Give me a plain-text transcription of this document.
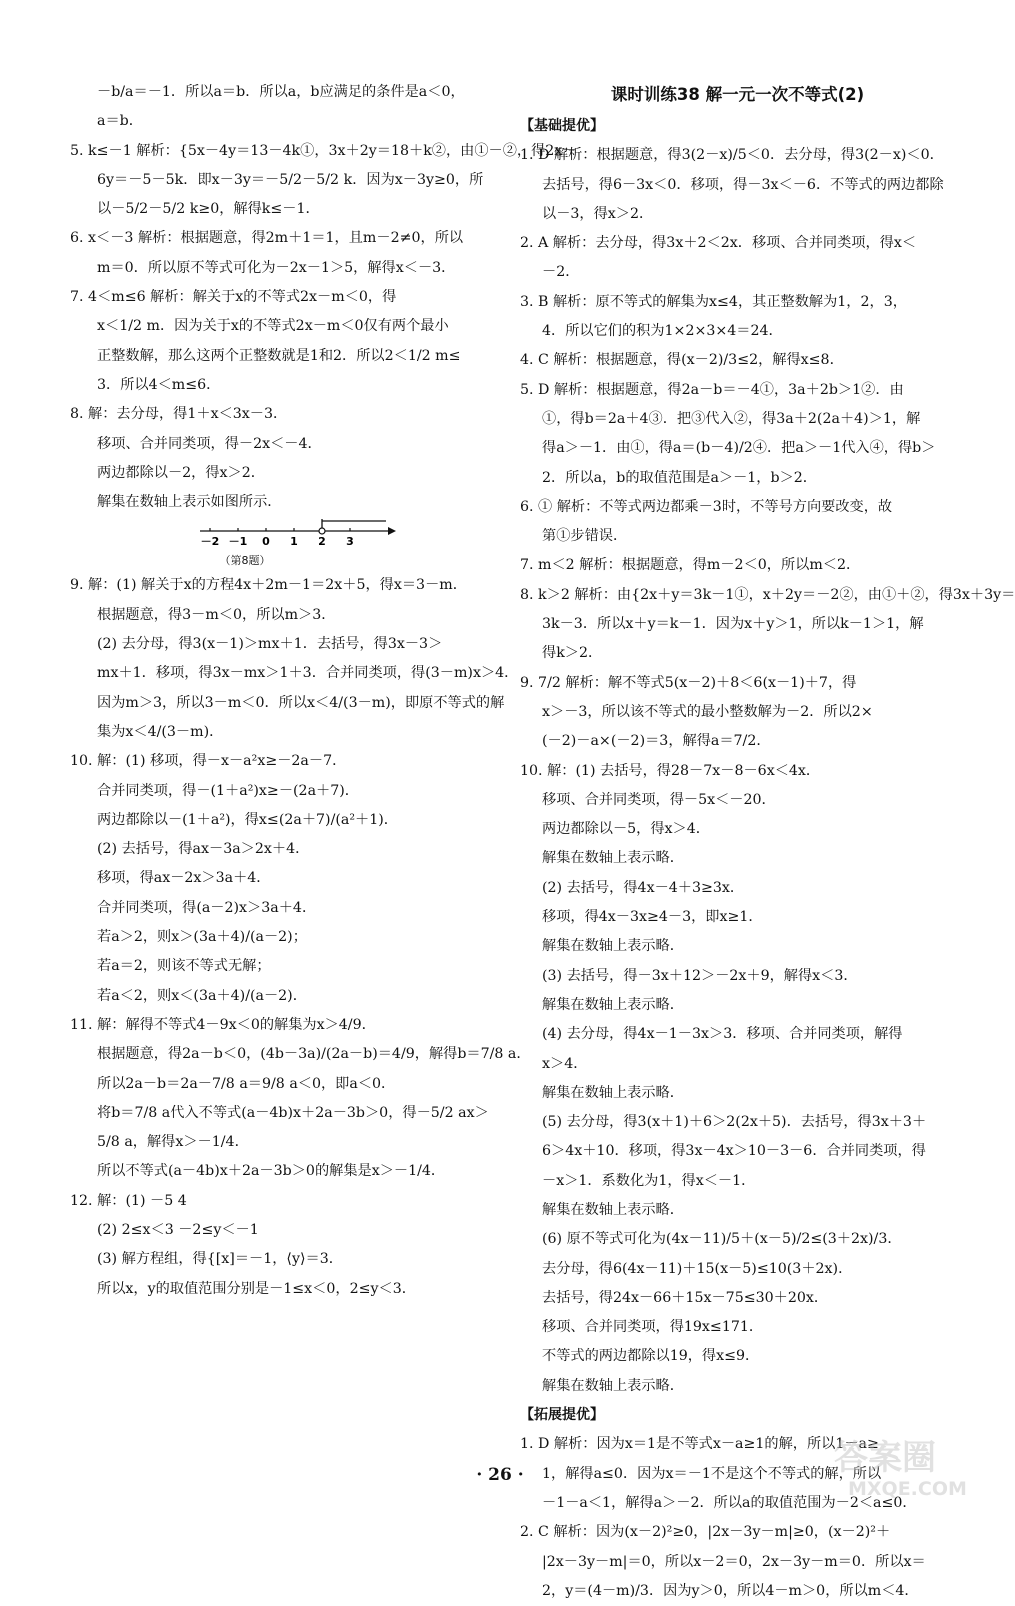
－b/a＝－1．所以a＝b．所以a，b应满足的条件是a＜0，
a＝b．
5. k≤－1 解析：{5x－4y＝13－4k①，3x＋2y＝18＋k②，由①－②，得2x－
6y＝－5－5k．即x－3y＝－5/2－5/2 k．因为x－3y≥0，所
以－5/2－5/2 k≥0，解得k≤－1．
6. x＜－3 解析：根据题意，得2m＋1＝1，且m－2≠0，所以
m＝0．所以原不等式可化为－2x－1＞5，解得x＜－3．
7. 4＜m≤6 解析：解关于x的不等式2x－m＜0，得
x＜1/2 m．因为关于x的不等式2x－m＜0仅有两个最小
正整数解，那么这两个正整数就是1和2．所以2＜1/2 m≤
3．所以4＜m≤6．
8. 解：去分母，得1＋x＜3x－3．
移项、合并同类项，得－2x＜－4．
两边都除以－2，得x＞2．
解集在数轴上表示如图所示．
－2 －1 0 1 2 3
（第8题）
9. 解：(1) 解关于x的方程4x＋2m－1＝2x＋5，得x＝3－m．
根据题意，得3－m＜0，所以m＞3．
(2) 去分母，得3(x－1)＞mx＋1．去括号，得3x－3＞
mx＋1．移项，得3x－mx＞1＋3．合并同类项，得(3－m)x＞4．
因为m＞3，所以3－m＜0．所以x＜4/(3－m)，即原不等式的解
集为x＜4/(3－m)．
10. 解：(1) 移项，得－x－a²x≥－2a－7．
合并同类项，得－(1＋a²)x≥－(2a＋7)．
两边都除以－(1＋a²)，得x≤(2a＋7)/(a²＋1)．
(2) 去括号，得ax－3a＞2x＋4．
移项，得ax－2x＞3a＋4．
合并同类项，得(a－2)x＞3a＋4．
若a＞2，则x＞(3a＋4)/(a－2)；
若a＝2，则该不等式无解；
若a＜2，则x＜(3a＋4)/(a－2)．
11. 解：解得不等式4－9x＜0的解集为x＞4/9．
根据题意，得2a－b＜0，(4b－3a)/(2a－b)＝4/9，解得b＝7/8 a．
所以2a－b＝2a－7/8 a＝9/8 a＜0，即a＜0．
将b＝7/8 a代入不等式(a－4b)x＋2a－3b＞0，得－5/2 ax＞
5/8 a，解得x＞－1/4．
所以不等式(a－4b)x＋2a－3b＞0的解集是x＞－1/4．
12. 解：(1) －5 4
(2) 2≤x＜3 －2≤y＜－1
(3) 解方程组，得{[x]＝－1，⟨y⟩＝3．
所以x，y的取值范围分别是－1≤x＜0，2≤y＜3．
课时训练38 解一元一次不等式(2)
【基础提优】
1. D 解析：根据题意，得3(2－x)/5＜0．去分母，得3(2－x)＜0．
去括号，得6－3x＜0．移项，得－3x＜－6．不等式的两边都除
以－3，得x＞2．
2. A 解析：去分母，得3x＋2＜2x．移项、合并同类项，得x＜
－2．
3. B 解析：原不等式的解集为x≤4，其正整数解为1，2，3，
4．所以它们的积为1×2×3×4＝24．
4. C 解析：根据题意，得(x－2)/3≤2，解得x≤8．
5. D 解析：根据题意，得2a－b＝－4①，3a＋2b＞1②．由
①，得b＝2a＋4③．把③代入②，得3a＋2(2a＋4)＞1，解
得a＞－1．由①，得a＝(b－4)/2④．把a＞－1代入④，得b＞
2．所以a，b的取值范围是a＞－1，b＞2．
6. ① 解析：不等式两边都乘－3时，不等号方向要改变，故
第①步错误．
7. m＜2 解析：根据题意，得m－2＜0，所以m＜2．
8. k＞2 解析：由{2x＋y＝3k－1①，x＋2y＝－2②，由①＋②，得3x＋3y＝
3k－3．所以x＋y＝k－1．因为x＋y＞1，所以k－1＞1，解
得k＞2．
9. 7/2 解析：解不等式5(x－2)＋8＜6(x－1)＋7，得
x＞－3，所以该不等式的最小整数解为－2．所以2×
(－2)－a×(－2)＝3，解得a＝7/2．
10. 解：(1) 去括号，得28－7x－8－6x＜4x．
移项、合并同类项，得－5x＜－20．
两边都除以－5，得x＞4．
解集在数轴上表示略．
(2) 去括号，得4x－4＋3≥3x．
移项，得4x－3x≥4－3，即x≥1．
解集在数轴上表示略．
(3) 去括号，得－3x＋12＞－2x＋9，解得x＜3．
解集在数轴上表示略．
(4) 去分母，得4x－1－3x＞3．移项、合并同类项，解得
x＞4．
解集在数轴上表示略．
(5) 去分母，得3(x＋1)＋6＞2(2x＋5)．去括号，得3x＋3＋
6＞4x＋10．移项，得3x－4x＞10－3－6．合并同类项，得
－x＞1．系数化为1，得x＜－1．
解集在数轴上表示略．
(6) 原不等式可化为(4x－11)/5＋(x－5)/2≤(3＋2x)/3．
去分母，得6(4x－11)＋15(x－5)≤10(3＋2x)．
去括号，得24x－66＋15x－75≤30＋20x．
移项、合并同类项，得19x≤171．
不等式的两边都除以19，得x≤9．
解集在数轴上表示略．
【拓展提优】
1. D 解析：因为x＝1是不等式x－a≥1的解，所以1－a≥
1，解得a≤0．因为x＝－1不是这个不等式的解，所以
－1－a＜1，解得a＞－2．所以a的取值范围为－2＜a≤0．
2. C 解析：因为(x－2)²≥0，|2x－3y－m|≥0，(x－2)²＋
|2x－3y－m|＝0，所以x－2＝0，2x－3y－m＝0．所以x＝
2，y＝(4－m)/3．因为y＞0，所以4－m＞0，所以m＜4．
· 26 ·	答案圈
MXQE.COM
